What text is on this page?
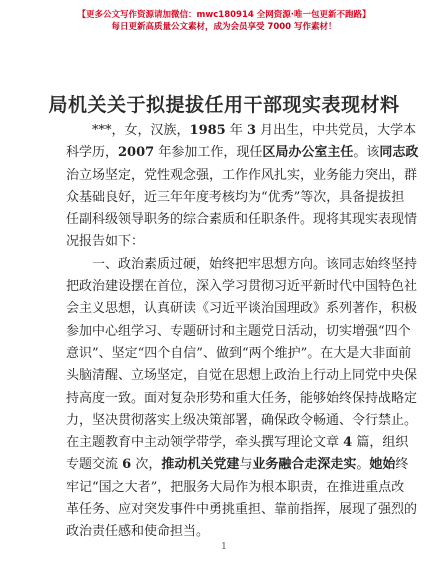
【更多公文写作资源请加微信：mwc180914 全网资源·唯一包更新不跑路】
每日更新高质量公文素材，成为会员享受 7000 写作素材！
局机关关于拟提拔任用干部现实表现材料
　　***，女，汉族，1985 年 3 月出生，中共党员，大学本
科学历，2007 年参加工作，现任区局办公室主任。该同志政
治立场坚定，党性观念强，工作作风扎实，业务能力突出，群
众基础良好，近三年年度考核均为“优秀”等次，具备提拔担
任副科级领导职务的综合素质和任职条件。现将其现实表现情
况报告如下：
　　一、政治素质过硬，始终把牢思想方向。该同志始终坚持
把政治建设摆在首位，深入学习贯彻习近平新时代中国特色社
会主义思想，认真研读《习近平谈治国理政》系列著作，积极
参加中心组学习、专题研讨和主题党日活动，切实增强“四个
意识”、坚定“四个自信”、做到“两个维护”。在大是大非面前
头脑清醒、立场坚定，自觉在思想上政治上行动上同党中央保
持高度一致。面对复杂形势和重大任务，能够始终保持战略定
力，坚决贯彻落实上级决策部署，确保政令畅通、令行禁止。
在主题教育中主动领学带学，牵头撰写理论文章 4 篇，组织
专题交流 6 次，推动机关党建与业务融合走深走实。她始终
牢记“国之大者”，把服务大局作为根本职责，在推进重点改
革任务、应对突发事件中勇挑重担、靠前指挥，展现了强烈的
政治责任感和使命担当。
1
